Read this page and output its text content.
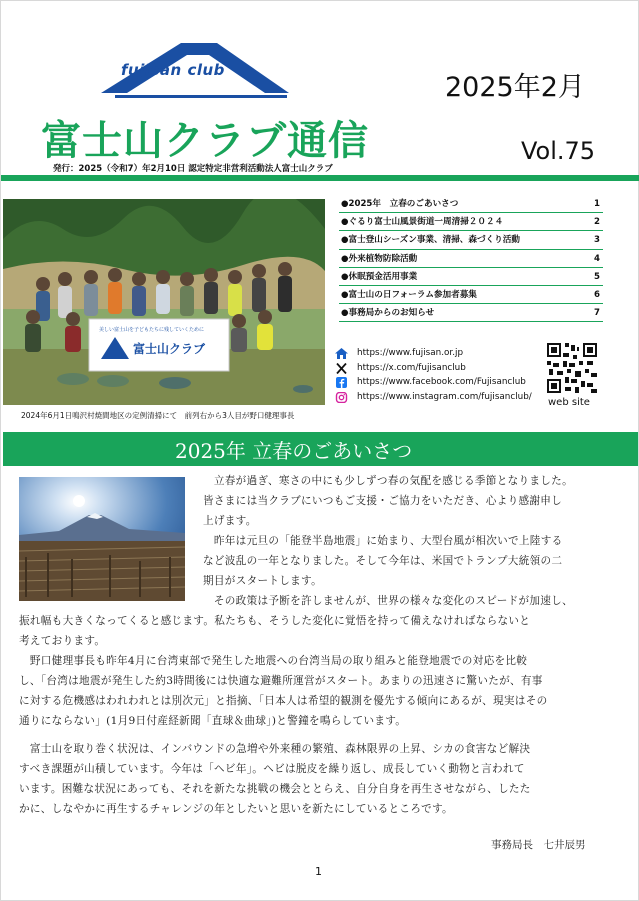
fujisan club
富士山クラブ通信
2025年2月
Vol.75
発行：2025（令和7）年2月10日 認定特定非営利活動法人富士山クラブ
富士山クラブ
美しい富士山を子どもたちに残していくために
2024年6月1日鳴沢村焼間地区の定例清掃にて　前列右から3人目が野口健理事長
●2025年　立春のごあいさつ	1
●ぐるり富士山風景街道一周清掃２０２４	2
●富士登山シーズン事業、清掃、森づくり活動	3
●外来植物防除活動	4
●休眠預金活用事業	5
●富士山の日フォーラム参加者募集	6
●事務局からのお知らせ	7
https://www.fujisan.or.jp
https://x.com/fujisanclub
https://www.facebook.com/Fujisanclub
https://www.instagram.com/fujisanclub/
web site
2025年 立春のごあいさつ
　立春が過ぎ、寒さの中にも少しずつ春の気配を感じる季節となりました。
皆さまには当クラブにいつもご支援・ご協力をいただき、心より感謝申し
上げます。
　昨年は元旦の「能登半島地震」に始まり、大型台風が相次いで上陸する
など波乱の一年となりました。そして今年は、米国でトランプ大統領の二
期目がスタートします。
　その政策は予断を許しませんが、世界の様々な変化のスピードが加速し、
振れ幅も大きくなってくると感じます。私たちも、そうした変化に覚悟を持って備えなければならないと
考えております。
　野口健理事長も昨年4月に台湾東部で発生した地震への台湾当局の取り組みと能登地震での対応を比較
し、「台湾は地震が発生した約3時間後には快適な避難所運営がスタート。あまりの迅速さに驚いたが、有事
に対する危機感はわれわれとは別次元」と指摘、「日本人は希望的観測を優先する傾向にあるが、現実はその
通りにならない」(1月9日付産経新聞「直球＆曲球」)と警鐘を鳴らしています。
　富士山を取り巻く状況は、インバウンドの急増や外来種の繁殖、森林限界の上昇、シカの食害など解決
すべき課題が山積しています。今年は「ヘビ年」。ヘビは脱皮を繰り返し、成長していく動物と言われて
います。困難な状況にあっても、それを新たな挑戦の機会ととらえ、自分自身を再生させながら、したた
かに、しなやかに再生するチャレンジの年としたいと思いを新たにしているところです。
事務局長　七井辰男
1
